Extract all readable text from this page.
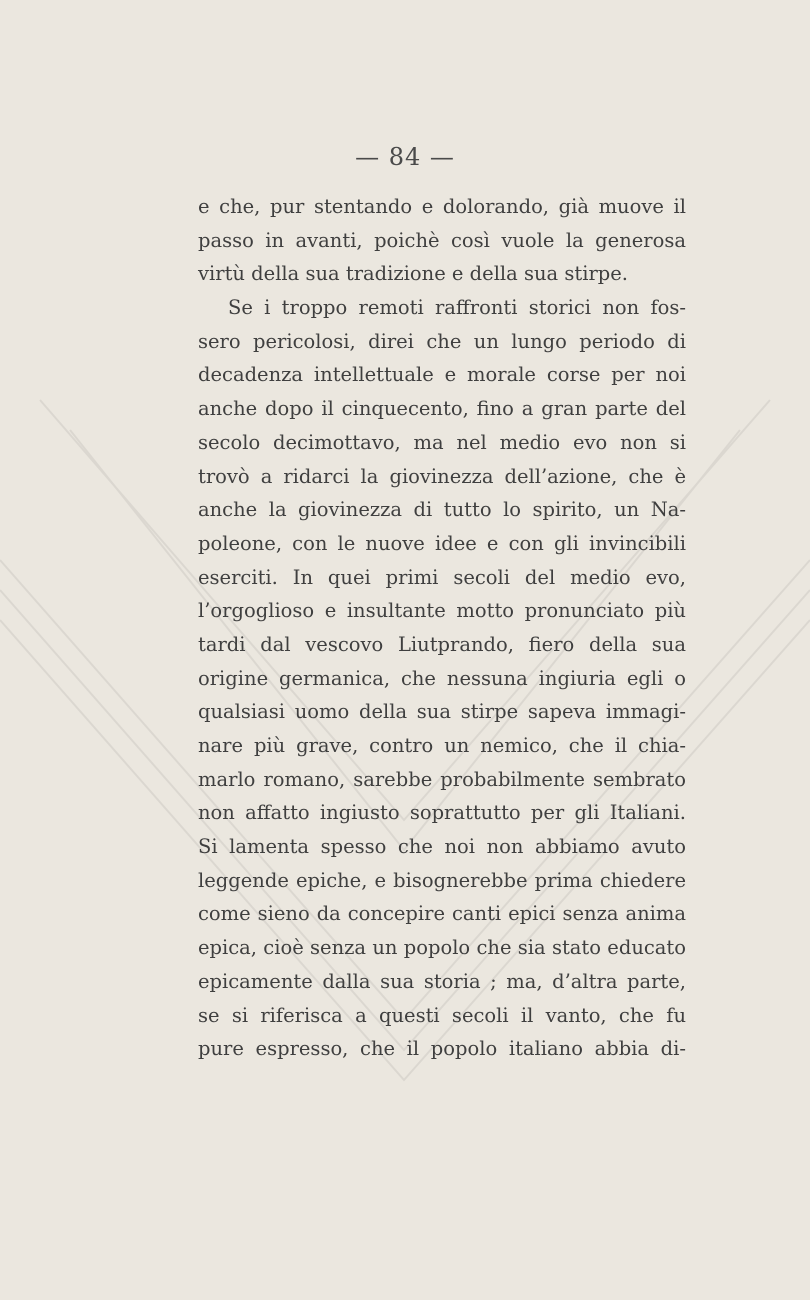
— 84 —
e che, pur stentando e dolorando, già muove il
passo in avanti, poichè così vuole la generosa
virtù della sua tradizione e della sua stirpe.
Se i troppo remoti raffronti storici non fos-
sero pericolosi, direi che un lungo periodo di
decadenza intellettuale e morale corse per noi
anche dopo il cinquecento, fino a gran parte del
secolo decimottavo, ma nel medio evo non si
trovò a ridarci la giovinezza dell’azione, che è
anche la giovinezza di tutto lo spirito, un Na-
poleone, con le nuove idee e con gli invincibili
eserciti. In quei primi secoli del medio evo,
l’orgoglioso e insultante motto pronunciato più
tardi dal vescovo Liutprando, fiero della sua
origine germanica, che nessuna ingiuria egli o
qualsiasi uomo della sua stirpe sapeva immagi-
nare più grave, contro un nemico, che il chia-
marlo romano, sarebbe probabilmente sembrato
non affatto ingiusto soprattutto per gli Italiani.
Si lamenta spesso che noi non abbiamo avuto
leggende epiche, e bisognerebbe prima chiedere
come sieno da concepire canti epici senza anima
epica, cioè senza un popolo che sia stato educato
epicamente dalla sua storia ; ma, d’altra parte,
se si riferisca a questi secoli il vanto, che fu
pure espresso, che il popolo italiano abbia di-
